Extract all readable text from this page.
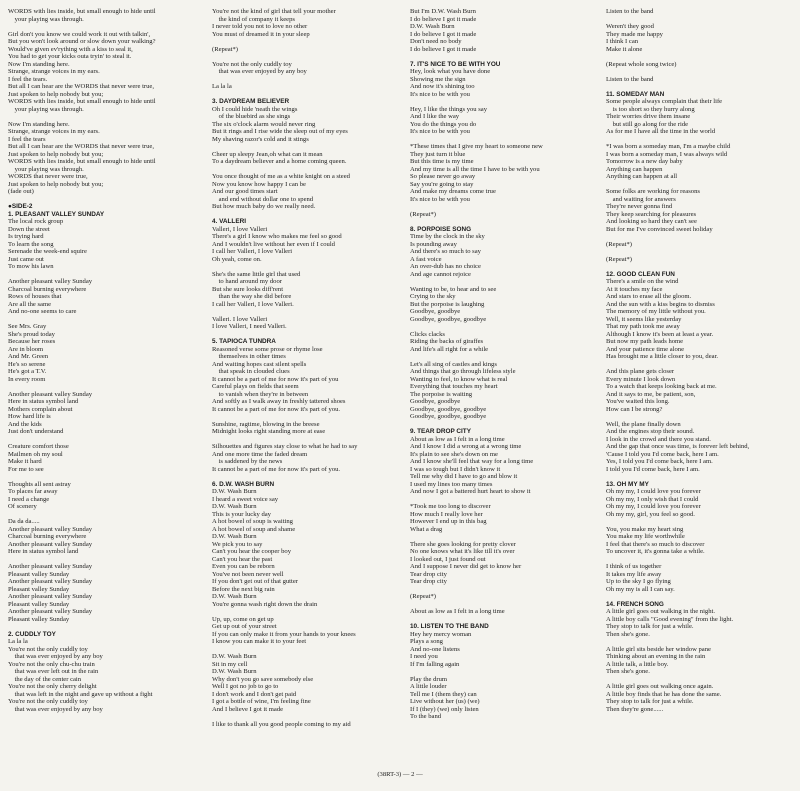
WORDS with lies inside, but small enough to hide until
your playing was through.
Girl don't you know we could work it out with talkin',
But you won't look around or slow down your walking?
Would've given ev'rything with a kiss to seal it,
You had to get your kicks outa tryin' to steal it.
Now I'm standing here.
Strange, strange voices in my ears.
I feel the tears.
But all I can hear are the WORDS that never were true,
Just spoken to help nobody but you;
WORDS with lies inside, but small enough to hide until
your playing was through.
Now I'm standing here.
Strange, strange voices in my ears.
I feel the tears
But all I can hear are the WORDS that never were true,
Just spoken to help nobody but you;
WORDS with lies inside, but small enough to hide until
your playing was through.
WORDS that never were true,
Just spoken to help nobody but you;
(fade out)
●SIDE-2
1. PLEASANT VALLEY SUNDAY
The local rock group
Down the street
Is trying hard
To learn the song
Serenade the week-end squire
Just came out
To mow his lawn
Another pleasant valley Sunday
Charcoal burning everywhere
Rows of houses that
Are all the same
And no-one seems to care
See Mrs. Gray
She's proud today
Because her roses
Are in bloom
And Mr. Green
He's so serene
He's got a T.V.
In every room
Another pleasant valley Sunday
Here in status symbol land
Mothers complain about
How hard life is
And the kids
Just don't understand
Creature comfort those
Mailmen oh my soul
Make it hard
For me to see
Thoughts all sent astray
To places far away
I need a change
Of scenery
Da da da.....
Another pleasant valley Sunday
Charcoal burning everywhere
Another pleasant valley Sunday
Here in status symbol land
Another pleasant valley Sunday
Pleasant valley Sunday
Another pleasant valley Sunday
Pleasant valley Sunday
Another pleasant valley Sunday
Pleasant valley Sunday
Another pleasant valley Sunday
Pleasant valley Sunday
2. CUDDLY TOY
La la la
You're not the only cuddly toy
that was ever enjoyed by any boy
You're not the only chu-chu train
that was ever left out in the rain
the day of the center cain
You're not the only cherry delight
that was left in the night and gave up without a fight
You're not the only cuddly toy
that was ever enjoyed by any boy
You're not the kind of girl that tell your mother
the kind of company it keeps
I never told you not to love no other
You must of dreamed it in your sleep
(Repeat*)
You're not the only cuddly toy
that was ever enjoyed by any boy
La la la
3. DAYDREAM BELIEVER
Oh I could hide 'neath the wings
of the bluebird as she sings
The six o'clock alarm would never ring
But it rings and I rise wide the sleep out of my eyes
My shaving razor's cold and it stings
Cheer up sleepy Jean,oh what can it mean
To a daydream believer and a home coming queen.
You once thought of me as a white knight on a steed
Now you know how happy I can be
And our good times start
and end without dollar one to spend
But how much baby do we really need.
4. VALLERI
Valleri, I love Valleri
There's a girl I know who makes me feel so good
And I wouldn't live without her even if I could
I call her Valleri, I love Valleri
Oh yeah, come on.
She's the same little girl that used
to hand around my door
But she sure looks diff'rent
than the way she did before
I call her Valleri, I love Valleri.
Valleri. I love Valleri
I love Valleri, I need Valleri.
5. TAPIOCA TUNDRA
Reasoned verse some prose or rhyme lose
themselves in other times
And waiting hopes cast silent spells
that speak in clouded clues
It cannot be a part of me for now it's part of you
Careful plays on fields that seem
to vanish when they're in between
And softly as I walk away in freshly tattered shoes
It cannot be a part of me for now it's part of you.
Sunshine, ragtime, blowing in the breese
Midnight looks right standing more at ease
Silhouettes and figures stay close to what he had to say
And one more time the faded dream
is saddened by the news
It cannot be a part of me for now it's part of you.
6. D.W. WASH BURN
D.W. Wash Burn
I heard a sweet voice say
D.W. Wash Burn
This is your lucky day
A hot bowel of soup is waiting
A hot bowel of soup and shame
D.W. Wash Burn
We pick you to say
Can't you hear the cooper boy
Can't you hear the past
Even you can be reborn
You've not been never well
If you don't get out of that gutter
Before the next big rain
D.W. Wash Burn
You're gonna wash right down the drain
Up, up, come on get up
Get up out of your street
If you can only make it from your hands to your knees
I know you can make it to your feet
D.W. Wash Burn
Sit in my cell
D.W. Wash Burn
Why don't you go save somebody else
Well I got no job to go to
I don't work and I don't get paid
I got a bottle of wine, I'm feeling fine
And I believe I got it made
I like to thank all you good people coming to my aid
But I'm D.W. Wash Burn
I do believe I got it made
D.W. Wash Burn
I do believe I got it made
Don't need no body
I do believe I got it made
7. IT'S NICE TO BE WITH YOU
Hey, look what you have done
Showing me the sign
And now it's shining too
It's nice to be with you
Hey, I like the things you say
And I like the way
You do the things you do
It's nice to be with you
*These times that I give my heart to someone new
They just turn it blue
But this time is my time
And my time is all the time I have to be with you
So please never go away
Say you're going to stay
And make my dreams come true
It's nice to be with you
(Repeat*)
8. PORPOISE SONG
Time by the clock in the sky
Is pounding away
And there's so much to say
A fast voice
An over-dub has no choice
And age cannot rejoice
Wanting to be, to hear and to see
Crying to the sky
But the porpoise is laughing
Goodbye, goodbye
Goodbye, goodbye, goodbye
Clicks clacks
Riding the backs of giraffes
And life's all right for a while
Let's all sing of castles and kings
And things that go through lifeless style
Wanting to feel, to know what is real
Everything that touches my heart
The porpoise is waiting
Goodbye, goodbye
Goodbye, goodbye, goodbye
Goodbye, goodbye, goodbye
9. TEAR DROP CITY
About as low as I felt in a long time
And I know I did a wrong at a wrong time
It's plain to see she's down on me
And I know she'll feel that way for a long time
I was so tough but I didn't know it
Tell me why did I have to go and blow it
I used my lines too many times
And now I got a battered hurt heart to show it
*Took me too long to discover
How much I really love her
However I end up in this bag
What a drag
There she goes looking for pretty clover
No one knows what it's like till it's over
I looked out, I just found out
And I suppose I never did get to know her
Tear drop city
Tear drop city
(Repeat*)
About as low as I felt in a long time
10. LISTEN TO THE BAND
Hey hey mercy woman
Plays a song
And no-one listens
I need you
If I'm falling again
Play the drum
A little louder
Tell me I (them they) can
Live without her (us) (we)
If I (they) (we) only listen
To the band
Listen to the band
Weren't they good
They made me happy
I think I can
Make it alone
(Repeat whole song twice)
Listen to the band
11. SOMEDAY MAN
Some people always complain that their life
is too short so they hurry along
Their worries drive them insane
but still go along for the ride
As for me I have all the time in the world
*I was born a someday man, I'm a maybe child
I was born a someday man, I was always wild
Tomorrow is a new day baby
Anything can happen
Anything can happen at all
Some folks are working for reasons
and waiting for answers
They're never gonna find
They keep searching for pleasures
And looking so hard they can't see
But for me I've convinced sweet holiday
(Repeat*)
(Repeat*)
12. GOOD CLEAN FUN
There's a smile on the wind
At it touches my face
And stars to erase all the gloom.
And the sun with a kiss begins to dismiss
The memory of my little without you.
Well, it seems like yesterday
That my path took me away
Although I know it's been at least a year.
But now my path leads home
And your patience time alone
Has brought me a little closer to you, dear.
And this plane gets closer
Every minute I look down
To a watch that keeps looking back at me.
And it says to me, be patient, son,
You've waited this long.
How can I be strong?
Well, the plane finally down
And the engines stop their sound.
I look in the crowd and there you stand.
And the gap that once was time, is forever left behind,
'Cause I told you I'd come back, here I am.
Yes, I told you I'd come back, here I am.
I told you I'd come back, here I am.
13. OH MY MY
Oh my my, I could love you forever
Oh my my, I only wish that I could
Oh my my, I could love you forever
Oh my my, girl, you feel so good.
You, you make my heart sing
You make my life worthwhile
I feel that there's so much to discover
To uncover it, it's gonna take a while.
I think of us together
It takes my life away
Up to the sky I go flying
Oh my my is all I can say.
14. FRENCH SONG
A little girl goes out walking in the night.
A little boy calls "Good evening" from the light.
They stop to talk for just a while.
Then she's gone.
A little girl sits beside her window pane
Thinking about an evening in the rain
A little talk, a little boy.
Then she's gone.
A little girl goes out walking once again.
A little boy finds that he has done the same.
They stop to talk for just a while.
Then they're gone......
(38RT-3) — 2 —
